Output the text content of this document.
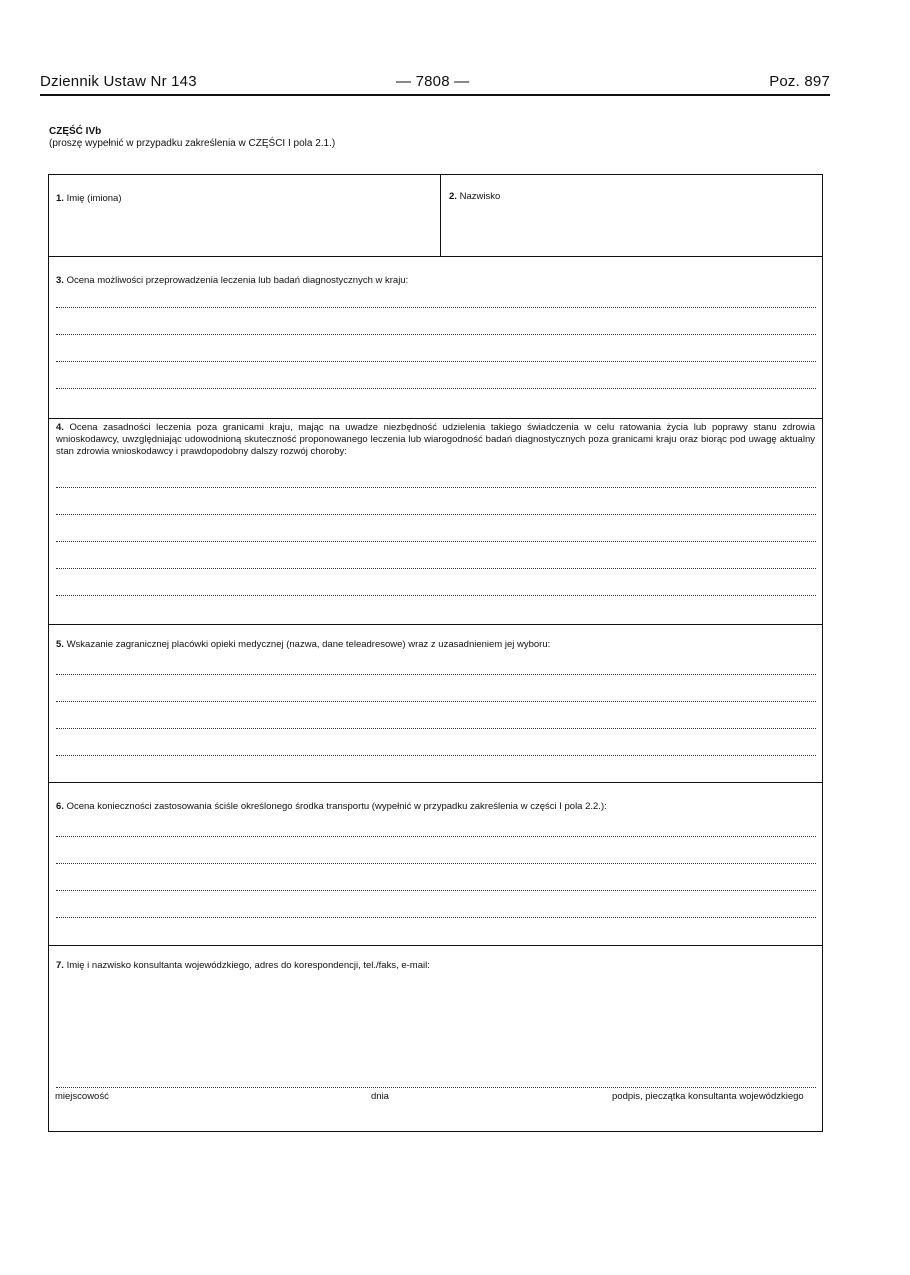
Dziennik Ustaw Nr 143	— 7808 —	Poz. 897
CZĘŚĆ IVb
(proszę wypełnić w przypadku zakreślenia w CZĘŚCI I pola 2.1.)
1. Imię (imiona)	2. Nazwisko
3. Ocena możliwości przeprowadzenia leczenia lub badań diagnostycznych w kraju:
4. Ocena zasadności leczenia poza granicami kraju, mając na uwadze niezbędność udzielenia takiego świadczenia w celu ratowania życia lub poprawy stanu zdrowia wnioskodawcy, uwzględniając udowodnioną skuteczność proponowanego leczenia lub wiarogodność badań diagnostycznych poza granicami kraju oraz biorąc pod uwagę aktualny stan zdrowia wnioskodawcy i prawdopodobny dalszy rozwój choroby:
5. Wskazanie zagranicznej placówki opieki medycznej (nazwa, dane teleadresowe) wraz z uzasadnieniem jej wyboru:
6. Ocena konieczności zastosowania ściśle określonego środka transportu (wypełnić w przypadku zakreślenia w części I pola 2.2.):
7. Imię i nazwisko konsultanta wojewódzkiego, adres do korespondencji, tel./faks, e-mail:
miejscowość	dnia	podpis, pieczątka konsultanta wojewódzkiego
